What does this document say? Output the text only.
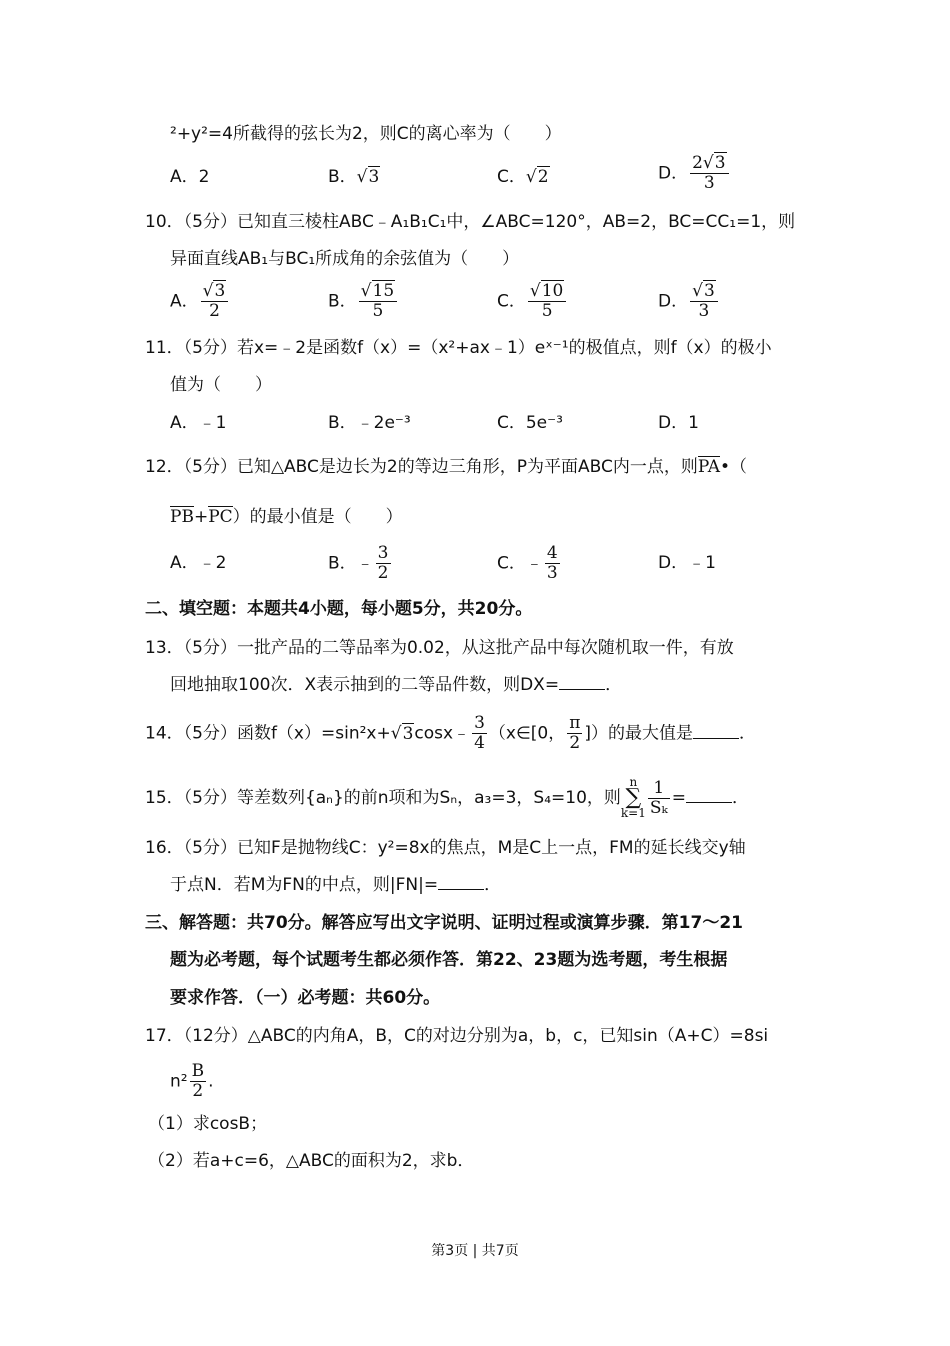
²+y²=4所截得的弦长为2，则C的离心率为（　　）
A．2	B．√3	C．√2	D． $\frac{2√3}{3}$
10．（5分）已知直三棱柱ABC﹣A₁B₁C₁中，∠ABC=120°，AB=2，BC=CC₁=1，则
异面直线AB₁与BC₁所成角的余弦值为（　　）
A． $\frac{√3}{2}$	B． $\frac{√15}{5}$	C． $\frac{√10}{5}$	D． $\frac{√3}{3}$
11．（5分）若x=﹣2是函数f（x）=（x²+ax﹣1）eˣ⁻¹的极值点，则f（x）的极小
值为（　　）
A．﹣1	B．﹣2e⁻³	C．5e⁻³	D．1
12．（5分）已知△ABC是边长为2的等边三角形，P为平面ABC内一点，则PA•（
PB+PC）的最小值是（　　）
A．﹣2	B．﹣ $\frac{3}{2}$	C．﹣ $\frac{4}{3}$	D．﹣1
二、填空题：本题共4小题，每小题5分，共20分。
13．（5分）一批产品的二等品率为0.02，从这批产品中每次随机取一件，有放
回地抽取100次．X表示抽到的二等品件数，则DX=	．
14．（5分）函数f（x）=sin²x+√3cosx﹣ $\frac{3}{4}$ （x∈[0， $\frac{\pi}{2}$ ]）的最大值是	．
15．（5分）等差数列{aₙ}的前n项和为Sₙ，a₃=3，S₄=10，则n
∑
$k=1 \frac{1}{\text{Sₖ}}$ =	．
16．（5分）已知F是抛物线C：y²=8x的焦点，M是C上一点，FM的延长线交y轴
于点N．若M为FN的中点，则|FN|=	．
三、解答题：共70分。解答应写出文字说明、证明过程或演算步骤．第17～21
题为必考题，每个试题考生都必须作答．第22、23题为选考题，考生根据
要求作答．（一）必考题：共60分。
17．（12分）△ABC的内角A，B，C的对边分别为a，b，c，已知sin（A+C）=8si
$n^2 \frac{B}{2}$ .
（1）求cosB；
（2）若a+c=6，△ABC的面积为2，求b．
第3页 | 共7页
